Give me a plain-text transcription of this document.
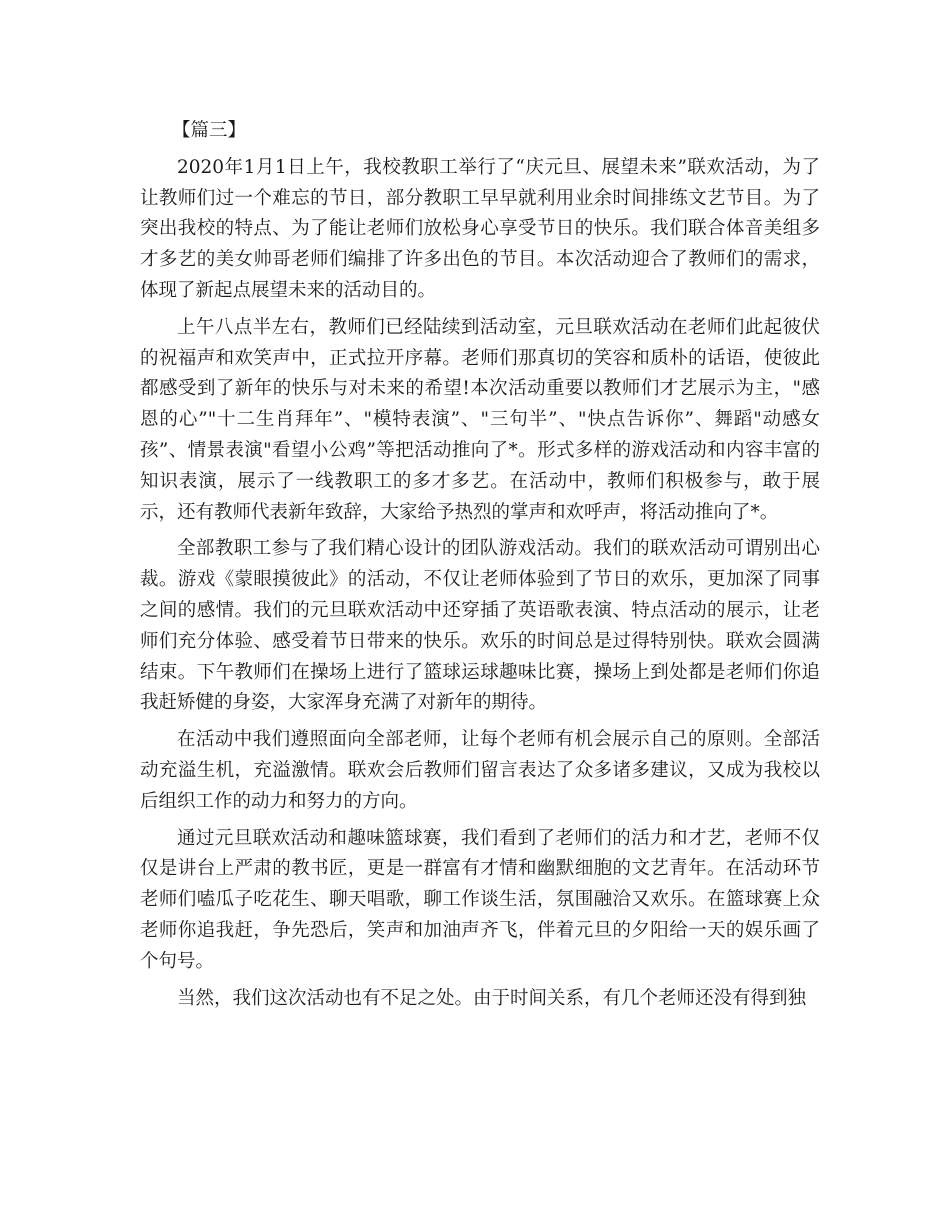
【篇三】

2020年1月1日上午，我校教职工举行了“庆元旦、展望未来”联欢活动，为了让教师们过一个难忘的节日，部分教职工早早就利用业余时间排练文艺节目。为了突出我校的特点、为了能让老师们放松身心享受节日的快乐。我们联合体音美组多才多艺的美女帅哥老师们编排了许多出色的节目。本次活动迎合了教师们的需求，体现了新起点展望未来的活动目的。

上午八点半左右，教师们已经陆续到活动室，元旦联欢活动在老师们此起彼伏的祝福声和欢笑声中，正式拉开序幕。老师们那真切的笑容和质朴的话语，使彼此都感受到了新年的快乐与对未来的希望!本次活动重要以教师们才艺展示为主，"感恩的心”"十二生肖拜年”、"模特表演”、"三句半”、"快点告诉你”、舞蹈"动感女孩”、情景表演"看望小公鸡”等把活动推向了*。形式多样的游戏活动和内容丰富的知识表演，展示了一线教职工的多才多艺。在活动中，教师们积极参与，敢于展示，还有教师代表新年致辞，大家给予热烈的掌声和欢呼声，将活动推向了*。

全部教职工参与了我们精心设计的团队游戏活动。我们的联欢活动可谓别出心裁。游戏《蒙眼摸彼此》的活动，不仅让老师体验到了节日的欢乐，更加深了同事之间的感情。我们的元旦联欢活动中还穿插了英语歌表演、特点活动的展示，让老师们充分体验、感受着节日带来的快乐。欢乐的时间总是过得特别快。联欢会圆满结束。下午教师们在操场上进行了篮球运球趣味比赛，操场上到处都是老师们你追我赶矫健的身姿，大家浑身充满了对新年的期待。

在活动中我们遵照面向全部老师，让每个老师有机会展示自己的原则。全部活动充溢生机，充溢激情。联欢会后教师们留言表达了众多诸多建议，又成为我校以后组织工作的动力和努力的方向。

通过元旦联欢活动和趣味篮球赛，我们看到了老师们的活力和才艺，老师不仅仅是讲台上严肃的教书匠，更是一群富有才情和幽默细胞的文艺青年。在活动环节老师们嗑瓜子吃花生、聊天唱歌，聊工作谈生活，氛围融洽又欢乐。在篮球赛上众老师你追我赶，争先恐后，笑声和加油声齐飞，伴着元旦的夕阳给一天的娱乐画了个句号。

当然，我们这次活动也有不足之处。由于时间关系，有几个老师还没有得到独
